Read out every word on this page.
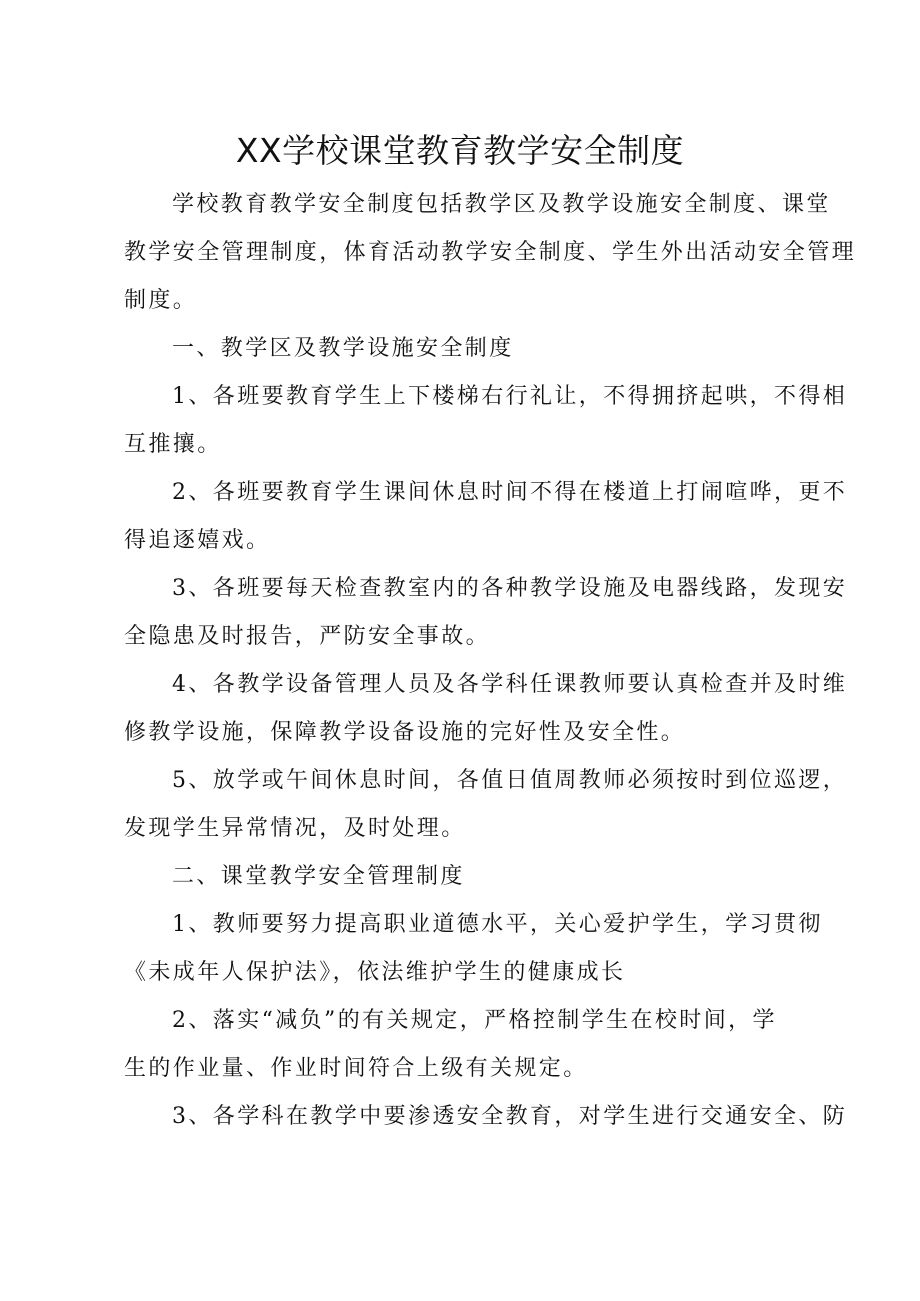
XX学校课堂教育教学安全制度

学校教育教学安全制度包括教学区及教学设施安全制度、课堂
教学安全管理制度，体育活动教学安全制度、学生外出活动安全管理
制度。

一、教学区及教学设施安全制度

1、各班要教育学生上下楼梯右行礼让，不得拥挤起哄，不得相
互推攘。

2、各班要教育学生课间休息时间不得在楼道上打闹喧哗，更不
得追逐嬉戏。

3、各班要每天检查教室内的各种教学设施及电器线路，发现安
全隐患及时报告，严防安全事故。

4、各教学设备管理人员及各学科任课教师要认真检查并及时维
修教学设施，保障教学设备设施的完好性及安全性。

5、放学或午间休息时间，各值日值周教师必须按时到位巡逻，
发现学生异常情况，及时处理。

二、课堂教学安全管理制度

1、教师要努力提高职业道德水平，关心爱护学生，学习贯彻
《未成年人保护法》，依法维护学生的健康成长

2、落实“减负”的有关规定，严格控制学生在校时间，学
生的作业量、作业时间符合上级有关规定。

3、各学科在教学中要渗透安全教育，对学生进行交通安全、防
